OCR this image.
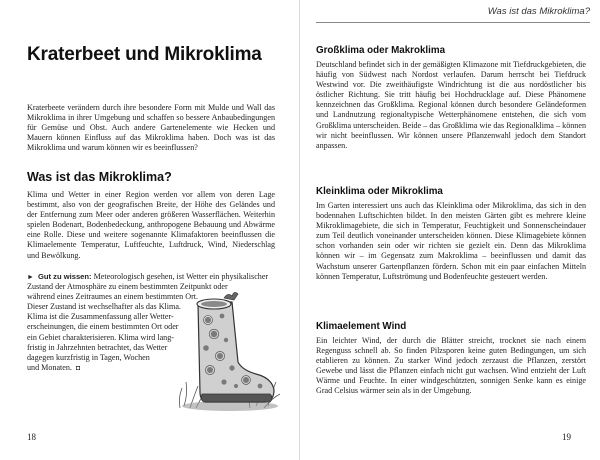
Kraterbeet und Mikroklima

Kraterbeete verändern durch ihre besondere Form mit Mulde und Wall das Mikroklima in ihrer Umgebung und schaffen so bessere Anbaubedingungen für Gemüse und Obst. Auch andere Gartenelemente wie Hecken und Mauern können Einfluss auf das Mikroklima haben. Doch was ist das Mikroklima und warum können wir es beeinflussen?

Was ist das Mikroklima?

Klima und Wetter in einer Region werden vor allem von deren Lage bestimmt, also von der geografischen Breite, der Höhe des Geländes und der Entfernung zum Meer oder anderen größeren Wasserflächen. Weiterhin spielen Bodenart, Bodenbedeckung, anthropogene Bebauung und Abwärme eine Rolle. Diese und weitere sogenannte Klimafaktoren beeinflussen die Klimaelemente Temperatur, Luftfeuchte, Luftdruck, Wind, Niederschlag und Bewölkung.

► Gut zu wissen: Meteorologisch gesehen, ist Wetter ein physikalischer
Zustand der Atmosphäre zu einem bestimmten Zeitpunkt oder
während eines Zeitraumes an einem bestimmten Ort.
Dieser Zustand ist wechselhafter als das Klima.
Klima ist die Zusammenfassung aller Wetter-
erscheinungen, die einem bestimmten Ort oder
ein Gebiet charakterisieren. Klima wird lang-
fristig in Jahrzehnten betrachtet, das Wetter
dagegen kurzfristig in Tagen, Wochen
und Monaten. ◘
18
Was ist das Mikroklima?
Großklima oder Makroklima

Deutschland befindet sich in der gemäßigten Klimazone mit Tiefdruckgebieten, die häufig von Südwest nach Nordost verlaufen. Darum herrscht bei Tiefdruck Westwind vor. Die zweithäufigste Windrichtung ist die aus nordöstlicher bis östlicher Richtung. Sie tritt häufig bei Hochdrucklage auf. Diese Phänomene kennzeichnen das Großklima. Regional können durch besondere Geländeformen und Landnutzung regionaltypische Wetterphänomene entstehen, die sich vom Großklima unterscheiden. Beide – das Großklima wie das Regionalklima – können wir nicht beeinflussen. Wir können unsere Pflanzenwahl jedoch dem Standort anpassen.

Kleinklima oder Mikroklima

Im Garten interessiert uns auch das Kleinklima oder Mikroklima, das sich in den bodennahen Luftschichten bildet. In den meisten Gärten gibt es mehrere kleine Mikroklimagebiete, die sich in Temperatur, Feuchtigkeit und Sonnenscheindauer zum Teil deutlich voneinander unterscheiden können. Diese Klimagebiete können schon vorhanden sein oder wir richten sie gezielt ein. Denn das Mikroklima können wir – im Gegensatz zum Makroklima – beeinflussen und damit das Wachstum unserer Gartenpflanzen fördern. Schon mit ein paar einfachen Mitteln können Temperatur, Luftströmung und Bodenfeuchte gesteuert werden.

Klimaelement Wind

Ein leichter Wind, der durch die Blätter streicht, trocknet sie nach einem Regenguss schnell ab. So finden Pilzsporen keine guten Bedingungen, um sich etablieren zu können. Zu starker Wind jedoch zerzaust die Pflanzen, zerstört Gewebe und lässt die Pflanzen einfach nicht gut wachsen. Wind entzieht der Luft Wärme und Feuchte. In einer windgeschützten, sonnigen Senke kann es einige Grad Celsius wärmer sein als in der Umgebung.

19
